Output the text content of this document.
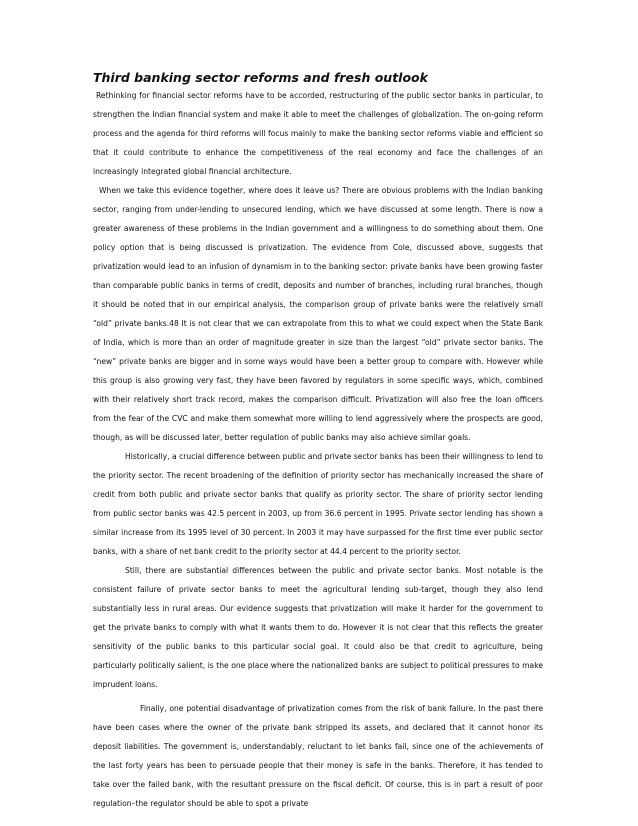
Third banking sector reforms and fresh outlook

Rethinking for financial sector reforms have to be accorded, restructuring of the public sector banks in particular, to strengthen the Indian financial system and make it able to meet the challenges of globalization. The on-going reform process and the agenda for third reforms will focus mainly to make the banking sector reforms viable and efficient so that it could contribute to enhance the competitiveness of the real economy and face the challenges of an increasingly integrated global financial architecture.

When we take this evidence together, where does it leave us? There are obvious problems with the Indian banking sector, ranging from under-lending to unsecured lending, which we have discussed at some length. There is now a greater awareness of these problems in the Indian government and a willingness to do something about them. One policy option that is being discussed is privatization. The evidence from Cole, discussed above, suggests that privatization would lead to an infusion of dynamism in to the banking sector: private banks have been growing faster than comparable public banks in terms of credit, deposits and number of branches, including rural branches, though it should be noted that in our empirical analysis, the comparison group of private banks were the relatively small “old” private banks.48 It is not clear that we can extrapolate from this to what we could expect when the State Bank of India, which is more than an order of magnitude greater in size than the largest “old” private sector banks. The “new” private banks are bigger and in some ways would have been a better group to compare with. However while this group is also growing very fast, they have been favored by regulators in some specific ways, which, combined with their relatively short track record, makes the comparison difficult. Privatization will also free the loan officers from the fear of the CVC and make them somewhat more willing to lend aggressively where the prospects are good, though, as will be discussed later, better regulation of public banks may also achieve similar goals.

Historically, a crucial difference between public and private sector banks has been their willingness to lend to the priority sector. The recent broadening of the definition of priority sector has mechanically increased the share of credit from both public and private sector banks that qualify as priority sector. The share of priority sector lending from public sector banks was 42.5 percent in 2003, up from 36.6 percent in 1995. Private sector lending has shown a similar increase from its 1995 level of 30 percent. In 2003 it may have surpassed for the first time ever public sector banks, with a share of net bank credit to the priority sector at 44.4 percent to the priority sector.

Still, there are substantial differences between the public and private sector banks. Most notable is the consistent failure of private sector banks to meet the agricultural lending sub-target, though they also lend substantially less in rural areas. Our evidence suggests that privatization will make it harder for the government to get the private banks to comply with what it wants them to do. However it is not clear that this reflects the greater sensitivity of the public banks to this particular social goal. It could also be that credit to agriculture, being particularly politically salient, is the one place where the nationalized banks are subject to political pressures to make imprudent loans.

Finally, one potential disadvantage of privatization comes from the risk of bank failure. In the past there have been cases where the owner of the private bank stripped its assets, and declared that it cannot honor its deposit liabilities. The government is, understandably, reluctant to let banks fail, since one of the achievements of the last forty years has been to persuade people that their money is safe in the banks. Therefore, it has tended to take over the failed bank, with the resultant pressure on the fiscal deficit. Of course, this is in part a result of poor regulation–the regulator should be able to spot a private
